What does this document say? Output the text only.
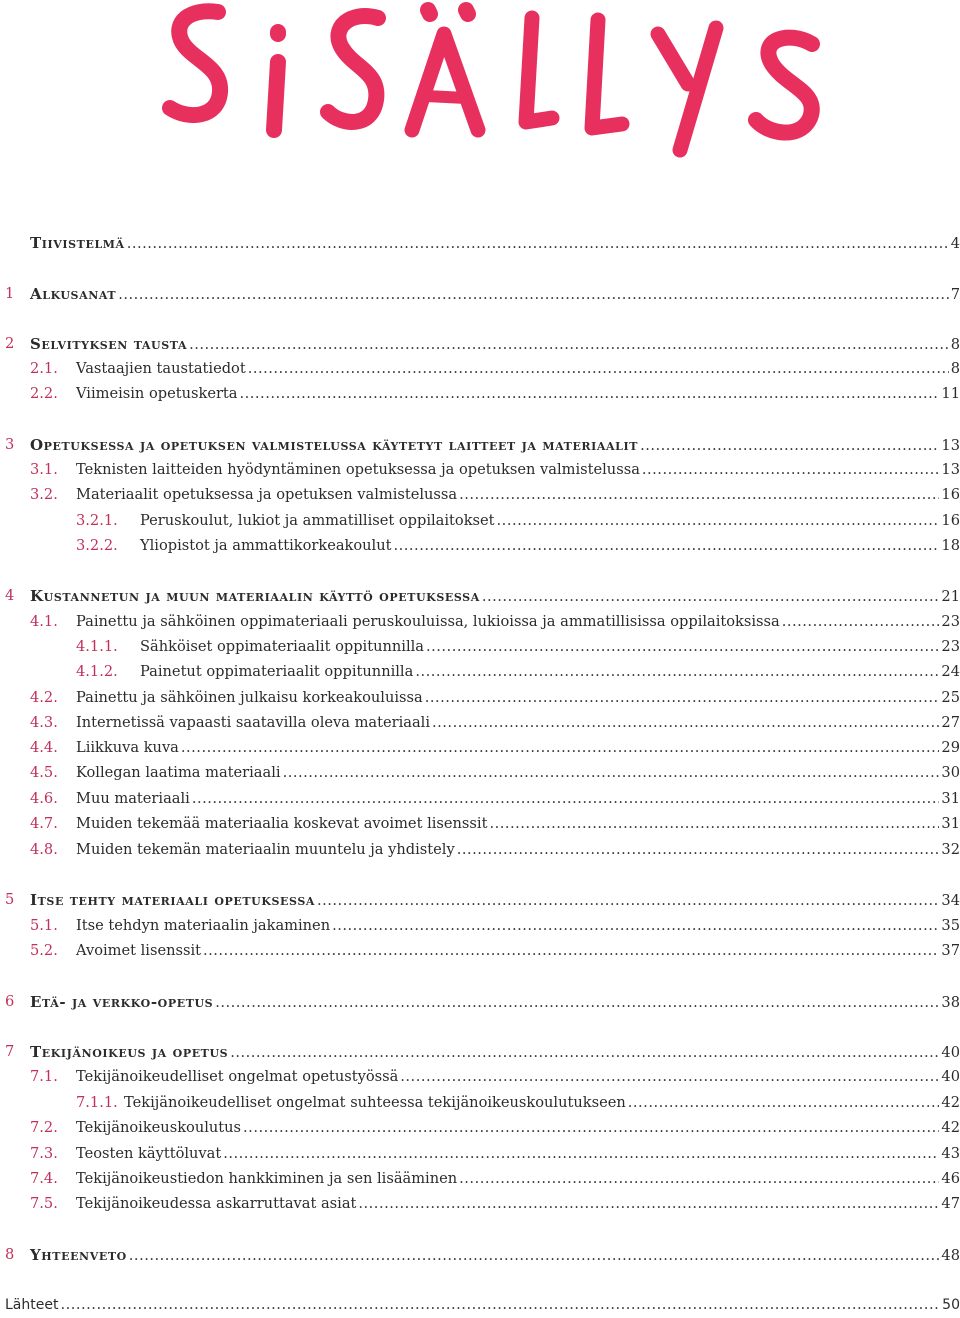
Tiivistelmä .....	4
1 Alkusanat .....	7
2 Selvityksen tausta .....	8
2.1. Vastaajien taustatiedot .....	8
2.2. Viimeisin opetuskerta .....	11
3 Opetuksessa ja opetuksen valmistelussa käytetyt laitteet ja materiaalit .....	13
3.1. Teknisten laitteiden hyödyntäminen opetuksessa ja opetuksen valmistelussa .....	13
3.2. Materiaalit opetuksessa ja opetuksen valmistelussa .....	16
3.2.1. Peruskoulut, lukiot ja ammatilliset oppilaitokset .....	16
3.2.2. Yliopistot ja ammattikorkeakoulut .....	18
4 Kustannetun ja muun materiaalin käyttö opetuksessa .....	21
4.1. Painettu ja sähköinen oppimateriaali peruskouluissa, lukioissa ja ammatillisissa oppilaitoksissa .....	23
4.1.1. Sähköiset oppimateriaalit oppitunnilla .....	23
4.1.2. Painetut oppimateriaalit oppitunnilla .....	24
4.2. Painettu ja sähköinen julkaisu korkeakouluissa .....	25
4.3. Internetissä vapaasti saatavilla oleva materiaali .....	27
4.4. Liikkuva kuva .....	29
4.5. Kollegan laatima materiaali .....	30
4.6. Muu materiaali .....	31
4.7. Muiden tekemää materiaalia koskevat avoimet lisenssit .....	31
4.8. Muiden tekemän materiaalin muuntelu ja yhdistely .....	32
5 Itse tehty materiaali opetuksessa .....	34
5.1. Itse tehdyn materiaalin jakaminen .....	35
5.2. Avoimet lisenssit .....	37
6 Etä- ja verkko-opetus .....	38
7 Tekijänoikeus ja opetus .....	40
7.1. Tekijänoikeudelliset ongelmat opetustyössä .....	40
7.1.1. Tekijänoikeudelliset ongelmat suhteessa tekijänoikeuskoulutukseen .....	42
7.2. Tekijänoikeuskoulutus .....	42
7.3. Teosten käyttöluvat .....	43
7.4. Tekijänoikeustiedon hankkiminen ja sen lisääminen .....	46
7.5. Tekijänoikeudessa askarruttavat asiat .....	47
8 Yhteenveto .....	48
Lähteet .....	50
